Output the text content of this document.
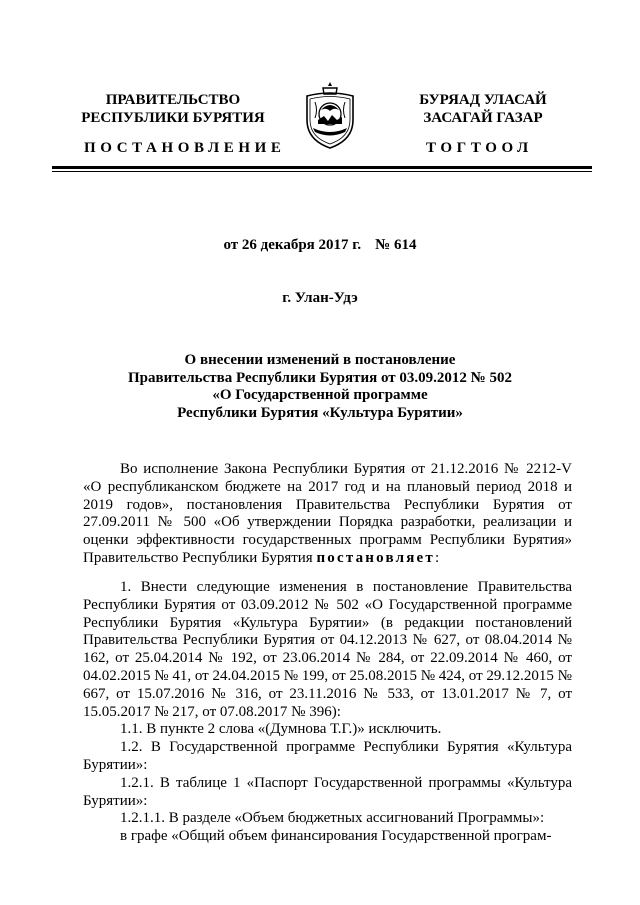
ПРАВИТЕЛЬСТВО
РЕСПУБЛИКИ БУРЯТИЯ
БУРЯАД УЛАСАЙ
ЗАСАГАЙ ГАЗАР
ПОСТАНОВЛЕНИЕ	ТОГТООЛ
от 26 декабря 2017 г. № 614
г. Улан-Удэ
О внесении изменений в постановление
Правительства Республики Бурятия от 03.09.2012 № 502
«О Государственной программе
Республики Бурятия «Культура Бурятии»

Во исполнение Закона Республики Бурятия от 21.12.2016 № 2212-V «О республиканском бюджете на 2017 год и на плановый период 2018 и 2019 годов», постановления Правительства Республики Бурятия от 27.09.2011 № 500 «Об утверждении Порядка разработки, реализации и оценки эффективности государственных программ Республики Бурятия» Правительство Республики Бурятия постановляет:

1. Внести следующие изменения в постановление Правительства Республики Бурятия от 03.09.2012 № 502 «О Государственной программе Республики Бурятия «Культура Бурятии» (в редакции постановлений Правительства Республики Бурятия от 04.12.2013 № 627, от 08.04.2014 № 162, от 25.04.2014 № 192, от 23.06.2014 № 284, от 22.09.2014 № 460, от 04.02.2015 № 41, от 24.04.2015 № 199, от 25.08.2015 № 424, от 29.12.2015 № 667, от 15.07.2016 № 316, от 23.11.2016 № 533, от 13.01.2017 № 7, от 15.05.2017 № 217, от 07.08.2017 № 396):

1.1. В пункте 2 слова «(Думнова Т.Г.)» исключить.

1.2. В Государственной программе Республики Бурятия «Культура Бурятии»:

1.2.1. В таблице 1 «Паспорт Государственной программы «Культура Бурятии»:

1.2.1.1. В разделе «Объем бюджетных ассигнований Программы»:

в графе «Общий объем финансирования Государственной програм-
